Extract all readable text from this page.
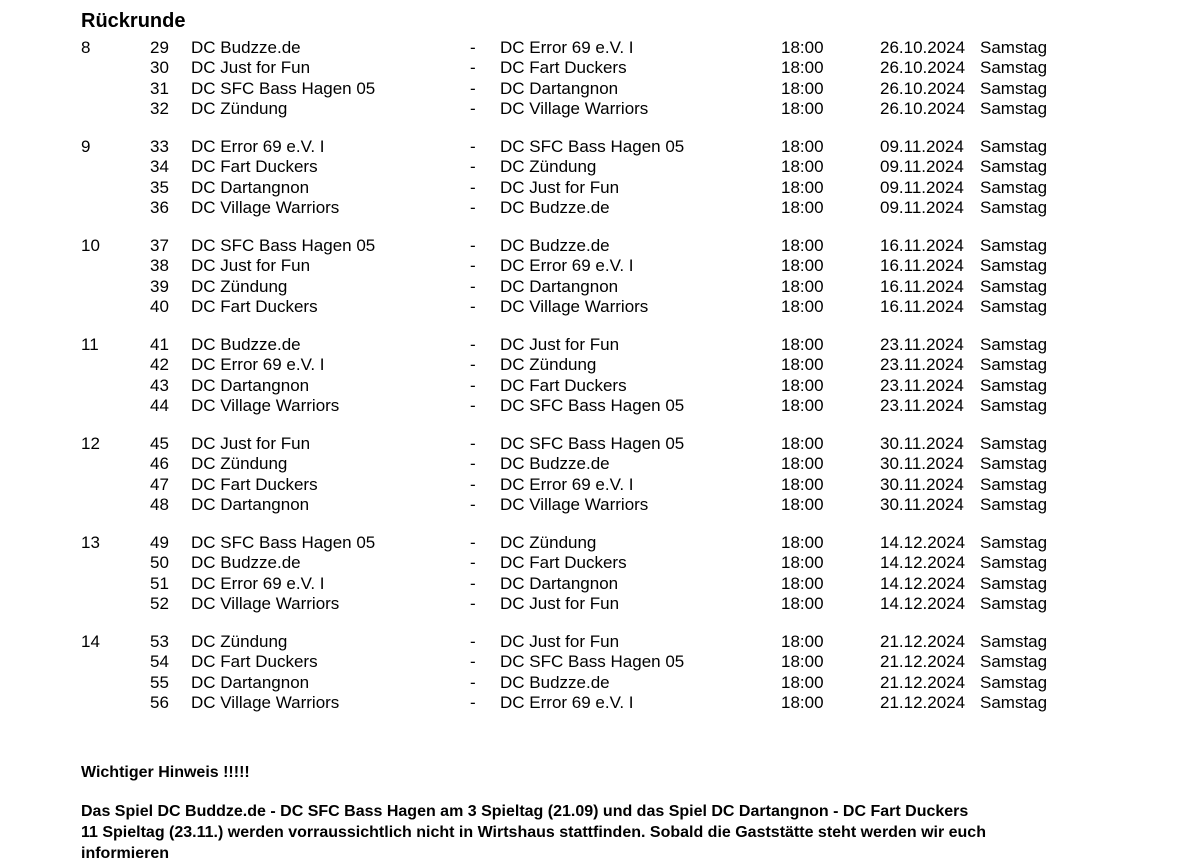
Rückrunde
8	29 DC Budzze.de	- DC Error 69 e.V. I	18:00	26.10.2024 Samstag
30 DC Just for Fun	- DC Fart Duckers	18:00	26.10.2024 Samstag
31 DC SFC Bass Hagen 05	- DC Dartangnon	18:00	26.10.2024 Samstag
32 DC Zündung	- DC Village Warriors	18:00	26.10.2024 Samstag
9	33 DC Error 69 e.V. I	- DC SFC Bass Hagen 05	18:00	09.11.2024 Samstag
34 DC Fart Duckers	- DC Zündung	18:00	09.11.2024 Samstag
35 DC Dartangnon	- DC Just for Fun	18:00	09.11.2024 Samstag
36 DC Village Warriors	- DC Budzze.de	18:00	09.11.2024 Samstag
10	37 DC SFC Bass Hagen 05	- DC Budzze.de	18:00	16.11.2024 Samstag
38 DC Just for Fun	- DC Error 69 e.V. I	18:00	16.11.2024 Samstag
39 DC Zündung	- DC Dartangnon	18:00	16.11.2024 Samstag
40 DC Fart Duckers	- DC Village Warriors	18:00	16.11.2024 Samstag
11	41 DC Budzze.de	- DC Just for Fun	18:00	23.11.2024 Samstag
42 DC Error 69 e.V. I	- DC Zündung	18:00	23.11.2024 Samstag
43 DC Dartangnon	- DC Fart Duckers	18:00	23.11.2024 Samstag
44 DC Village Warriors	- DC SFC Bass Hagen 05	18:00	23.11.2024 Samstag
12	45 DC Just for Fun	- DC SFC Bass Hagen 05	18:00	30.11.2024 Samstag
46 DC Zündung	- DC Budzze.de	18:00	30.11.2024 Samstag
47 DC Fart Duckers	- DC Error 69 e.V. I	18:00	30.11.2024 Samstag
48 DC Dartangnon	- DC Village Warriors	18:00	30.11.2024 Samstag
13	49 DC SFC Bass Hagen 05	- DC Zündung	18:00	14.12.2024 Samstag
50 DC Budzze.de	- DC Fart Duckers	18:00	14.12.2024 Samstag
51 DC Error 69 e.V. I	- DC Dartangnon	18:00	14.12.2024 Samstag
52 DC Village Warriors	- DC Just for Fun	18:00	14.12.2024 Samstag
14	53 DC Zündung	- DC Just for Fun	18:00	21.12.2024 Samstag
54 DC Fart Duckers	- DC SFC Bass Hagen 05	18:00	21.12.2024 Samstag
55 DC Dartangnon	- DC Budzze.de	18:00	21.12.2024 Samstag
56 DC Village Warriors	- DC Error 69 e.V. I	18:00	21.12.2024 Samstag
Wichtiger Hinweis !!!!!
Das Spiel DC Buddze.de - DC SFC Bass Hagen am 3 Spieltag (21.09) und das Spiel DC Dartangnon - DC Fart Duckers
11 Spieltag (23.11.) werden vorraussichtlich nicht in Wirtshaus stattfinden. Sobald die Gaststätte steht werden wir euch
informieren
